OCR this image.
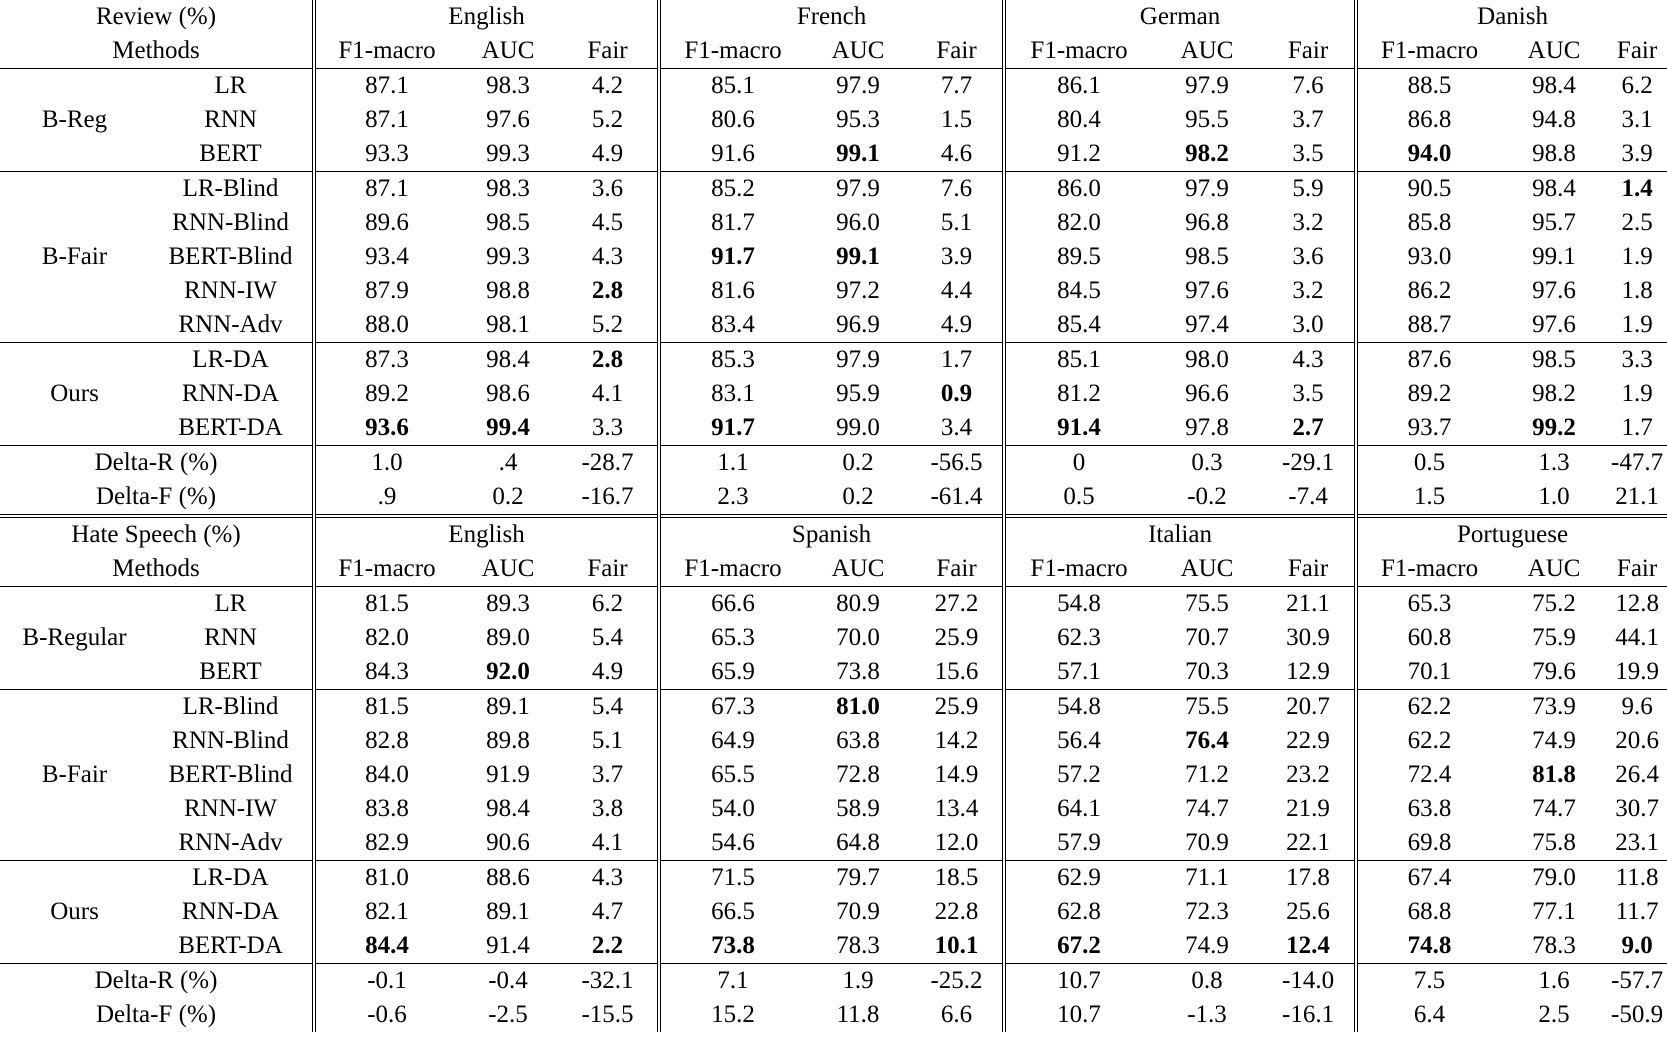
Review (%)		English			French			German			Danish		
Methods		F1-macro	AUC	Fair	F1-macro	AUC	Fair	F1-macro	AUC	Fair	F1-macro	AUC	Fair
B-Reg	LR	87.1	98.3	4.2	85.1	97.9	7.7	86.1	97.9	7.6	88.5	98.4	6.2
	RNN	87.1	97.6	5.2	80.6	95.3	1.5	80.4	95.5	3.7	86.8	94.8	3.1
	BERT	93.3	99.3	4.9	91.6	99.1	4.6	91.2	98.2	3.5	94.0	98.8	3.9
B-Fair	LR-Blind	87.1	98.3	3.6	85.2	97.9	7.6	86.0	97.9	5.9	90.5	98.4	1.4
	RNN-Blind	89.6	98.5	4.5	81.7	96.0	5.1	82.0	96.8	3.2	85.8	95.7	2.5
	BERT-Blind	93.4	99.3	4.3	91.7	99.1	3.9	89.5	98.5	3.6	93.0	99.1	1.9
	RNN-IW	87.9	98.8	2.8	81.6	97.2	4.4	84.5	97.6	3.2	86.2	97.6	1.8
	RNN-Adv	88.0	98.1	5.2	83.4	96.9	4.9	85.4	97.4	3.0	88.7	97.6	1.9
Ours	LR-DA	87.3	98.4	2.8	85.3	97.9	1.7	85.1	98.0	4.3	87.6	98.5	3.3
	RNN-DA	89.2	98.6	4.1	83.1	95.9	0.9	81.2	96.6	3.5	89.2	98.2	1.9
	BERT-DA	93.6	99.4	3.3	91.7	99.0	3.4	91.4	97.8	2.7	93.7	99.2	1.7
Delta-R (%)		1.0	.4	-28.7	1.1	0.2	-56.5	0	0.3	-29.1	0.5	1.3	-47.7
Delta-F (%)		.9	0.2	-16.7	2.3	0.2	-61.4	0.5	-0.2	-7.4	1.5	1.0	21.1
Hate Speech (%)		English			Spanish			Italian			Portuguese		
Methods		F1-macro	AUC	Fair	F1-macro	AUC	Fair	F1-macro	AUC	Fair	F1-macro	AUC	Fair
B-Regular	LR	81.5	89.3	6.2	66.6	80.9	27.2	54.8	75.5	21.1	65.3	75.2	12.8
	RNN	82.0	89.0	5.4	65.3	70.0	25.9	62.3	70.7	30.9	60.8	75.9	44.1
	BERT	84.3	92.0	4.9	65.9	73.8	15.6	57.1	70.3	12.9	70.1	79.6	19.9
B-Fair	LR-Blind	81.5	89.1	5.4	67.3	81.0	25.9	54.8	75.5	20.7	62.2	73.9	9.6
	RNN-Blind	82.8	89.8	5.1	64.9	63.8	14.2	56.4	76.4	22.9	62.2	74.9	20.6
	BERT-Blind	84.0	91.9	3.7	65.5	72.8	14.9	57.2	71.2	23.2	72.4	81.8	26.4
	RNN-IW	83.8	98.4	3.8	54.0	58.9	13.4	64.1	74.7	21.9	63.8	74.7	30.7
	RNN-Adv	82.9	90.6	4.1	54.6	64.8	12.0	57.9	70.9	22.1	69.8	75.8	23.1
Ours	LR-DA	81.0	88.6	4.3	71.5	79.7	18.5	62.9	71.1	17.8	67.4	79.0	11.8
	RNN-DA	82.1	89.1	4.7	66.5	70.9	22.8	62.8	72.3	25.6	68.8	77.1	11.7
	BERT-DA	84.4	91.4	2.2	73.8	78.3	10.1	67.2	74.9	12.4	74.8	78.3	9.0
Delta-R (%)		-0.1	-0.4	-32.1	7.1	1.9	-25.2	10.7	0.8	-14.0	7.5	1.6	-57.7
Delta-F (%)		-0.6	-2.5	-15.5	15.2	11.8	6.6	10.7	-1.3	-16.1	6.4	2.5	-50.9
